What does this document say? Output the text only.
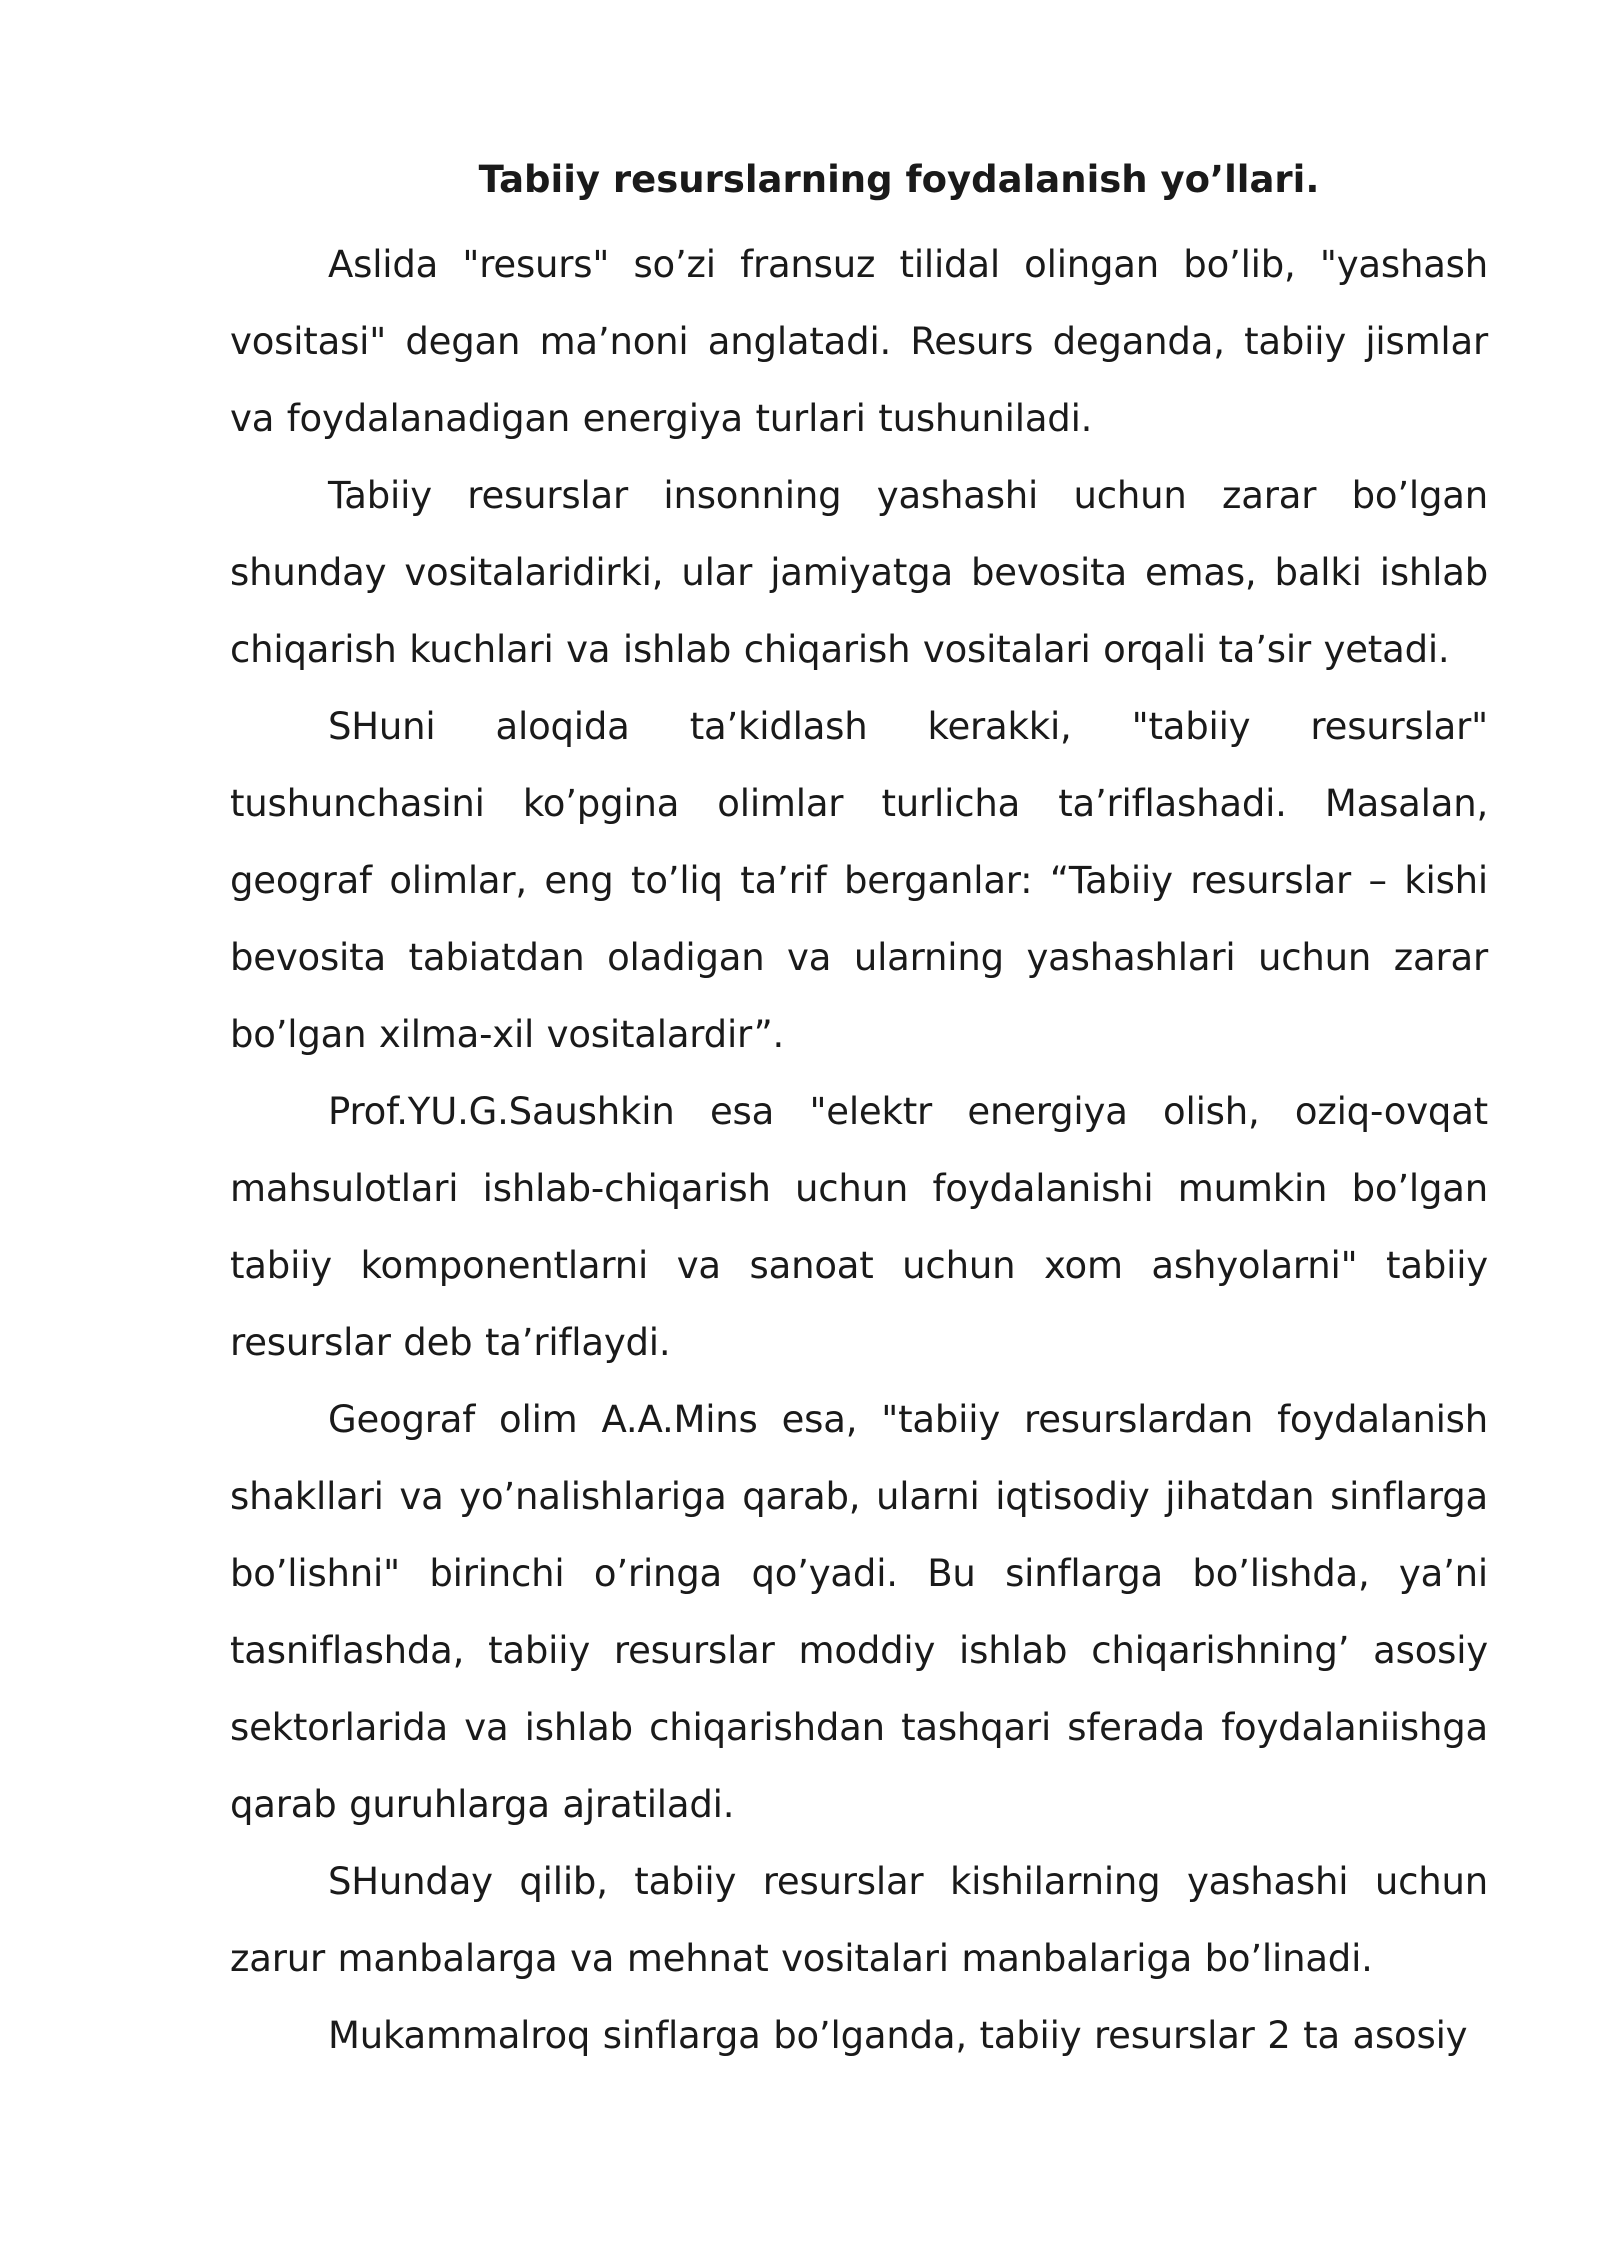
Tabiiy resurslarning foydalanish yo’llari.

Aslida "resurs" so’zi fransuz tilidal olingan bo’lib, "yashash vositasi" degan ma’noni anglatadi. Resurs deganda, tabiiy jismlar va foydalanadigan energiya turlari tushuniladi.

Tabiiy resurslar insonning yashashi uchun zarar bo’lgan shunday vositalaridirki, ular jamiyatga bevosita emas, balki ishlab chiqarish kuchlari va ishlab chiqarish vositalari orqali ta’sir yetadi.

SHuni aloqida ta’kidlash kerakki, "tabiiy resurslar" tushunchasini ko’pgina olimlar turlicha ta’riflashadi. Masalan, geograf olimlar, eng to’liq ta’rif berganlar: “Tabiiy resurslar – kishi bevosita tabiatdan oladigan va ularning yashashlari uchun zarar bo’lgan xilma-xil vositalardir”.

Prof.YU.G.Saushkin esa "elektr energiya olish, oziq-ovqat mahsulotlari ishlab-chiqarish uchun foydalanishi mumkin bo’lgan tabiiy komponentlarni va sanoat uchun xom ashyolarni" tabiiy resurslar deb ta’riflaydi.

Geograf olim A.A.Mins esa, "tabiiy resurslardan foydalanish shakllari va yo’nalishlariga qarab, ularni iqtisodiy jihatdan sinflarga bo’lishni" birinchi o’ringa qo’yadi. Bu sinflarga bo’lishda, ya’ni tasniflashda, tabiiy resurslar moddiy ishlab chiqarishning’ asosiy sektorlarida va ishlab chiqarishdan tashqari sferada foydalaniishga qarab guruhlarga ajratiladi.

SHunday qilib, tabiiy resurslar kishilarning yashashi uchun zarur manbalarga va mehnat vositalari manbalariga bo’linadi.

Mukammalroq sinflarga bo’lganda, tabiiy resurslar 2 ta asosiy
